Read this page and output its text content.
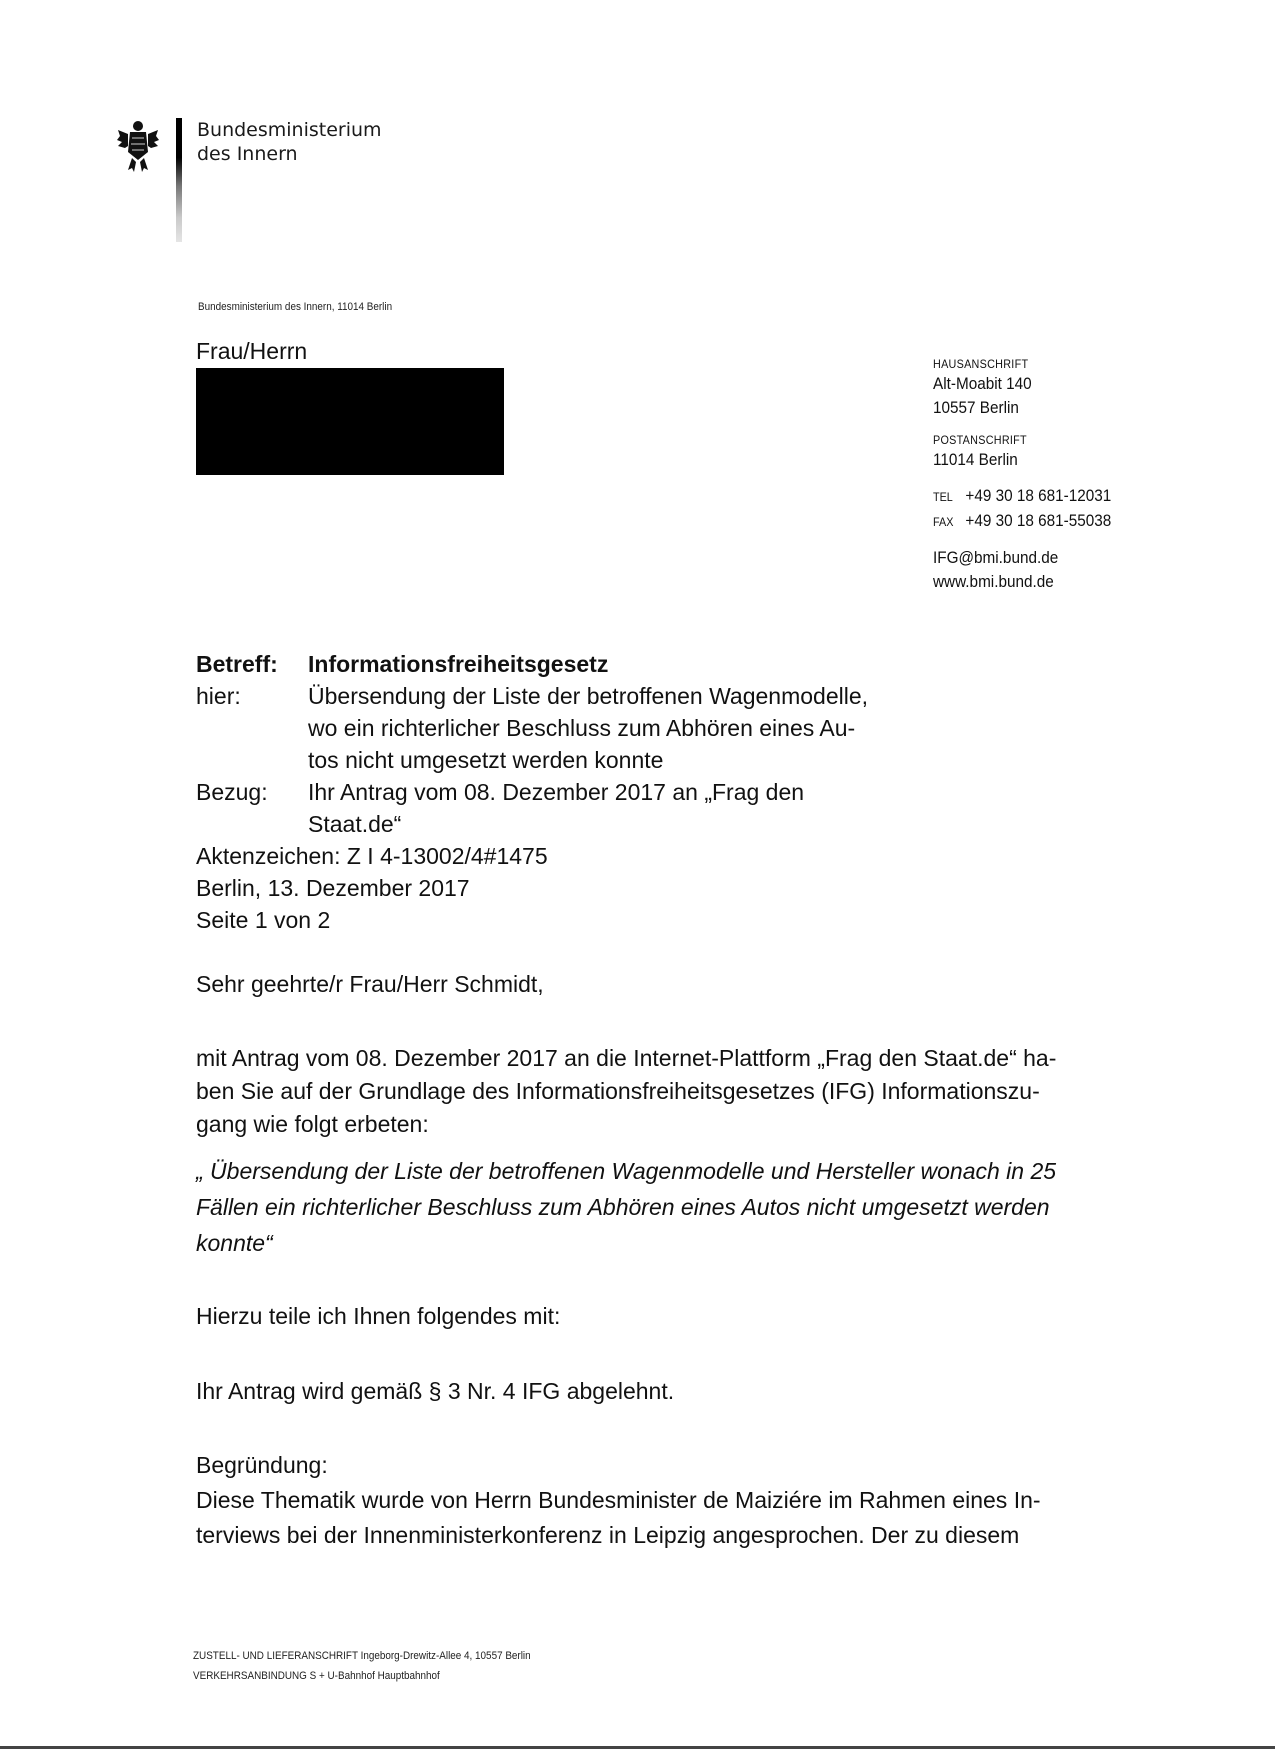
Bundesministerium
des Innern
Bundesministerium des Innern, 11014 Berlin
Frau/Herrn	HAUSANSCHRIFT
Alt-Moabit 140
10557 Berlin
POSTANSCHRIFT
11014 Berlin
TEL +49 30 18 681-12031
FAX +49 30 18 681-55038
IFG@bmi.bund.de
www.bmi.bund.de
Betreff:	Informationsfreiheitsgesetz
hier:	Übersendung der Liste der betroffenen Wagenmodelle,
wo ein richterlicher Beschluss zum Abhören eines Au-
tos nicht umgesetzt werden konnte
Bezug:	Ihr Antrag vom 08. Dezember 2017 an „Frag den
Staat.de“
Aktenzeichen: Z I 4-13002/4#1475
Berlin, 13. Dezember 2017
Seite 1 von 2
Sehr geehrte/r Frau/Herr Schmidt,
mit Antrag vom 08. Dezember 2017 an die Internet-Plattform „Frag den Staat.de“ ha-
ben Sie auf der Grundlage des Informationsfreiheitsgesetzes (IFG) Informationszu-
gang wie folgt erbeten:
„ Übersendung der Liste der betroffenen Wagenmodelle und Hersteller wonach in 25
Fällen ein richterlicher Beschluss zum Abhören eines Autos nicht umgesetzt werden
konnte“
Hierzu teile ich Ihnen folgendes mit:
Ihr Antrag wird gemäß § 3 Nr. 4 IFG abgelehnt.
Begründung:
Diese Thematik wurde von Herrn Bundesminister de Maiziére im Rahmen eines In-
terviews bei der Innenministerkonferenz in Leipzig angesprochen. Der zu diesem
ZUSTELL- UND LIEFERANSCHRIFT Ingeborg-Drewitz-Allee 4, 10557 Berlin
VERKEHRSANBINDUNG S + U-Bahnhof Hauptbahnhof
